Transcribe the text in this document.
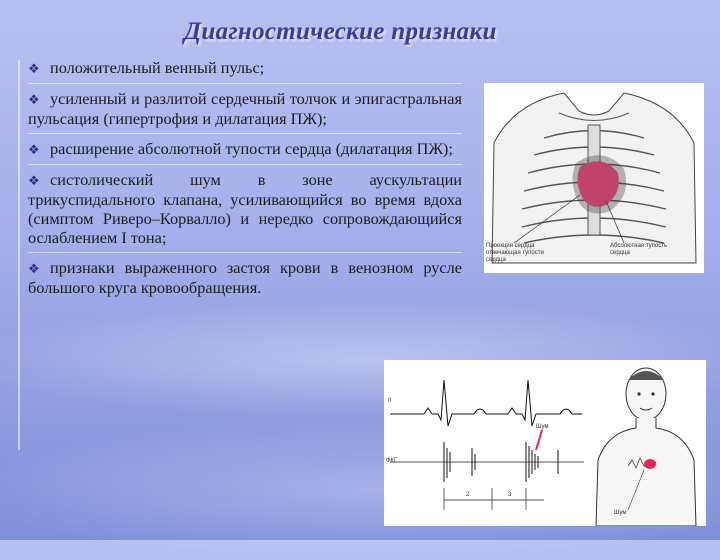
Диагностические признаки
❖ положительный венный пульс;
❖ усиленный и разлитой сердечный толчок и эпигастральная пульсация (гипертрофия и дилатация ПЖ);
❖ расширение абсолютной тупости сердца (дилатация ПЖ);
❖ систолический шум в зоне аускультации трикуспидального клапана, усиливающийся во время вдоха (симптом Риверо–Корвалло) и нередко сопровождающийся ослаблением I тона;
❖ признаки выраженного застоя крови в венозном русле большого круга кровообращения.
Проекция сердца отвечающая тупости сердца
Абсолютная тупость сердца
II
ФКГ
Шум
2	3
Шум
